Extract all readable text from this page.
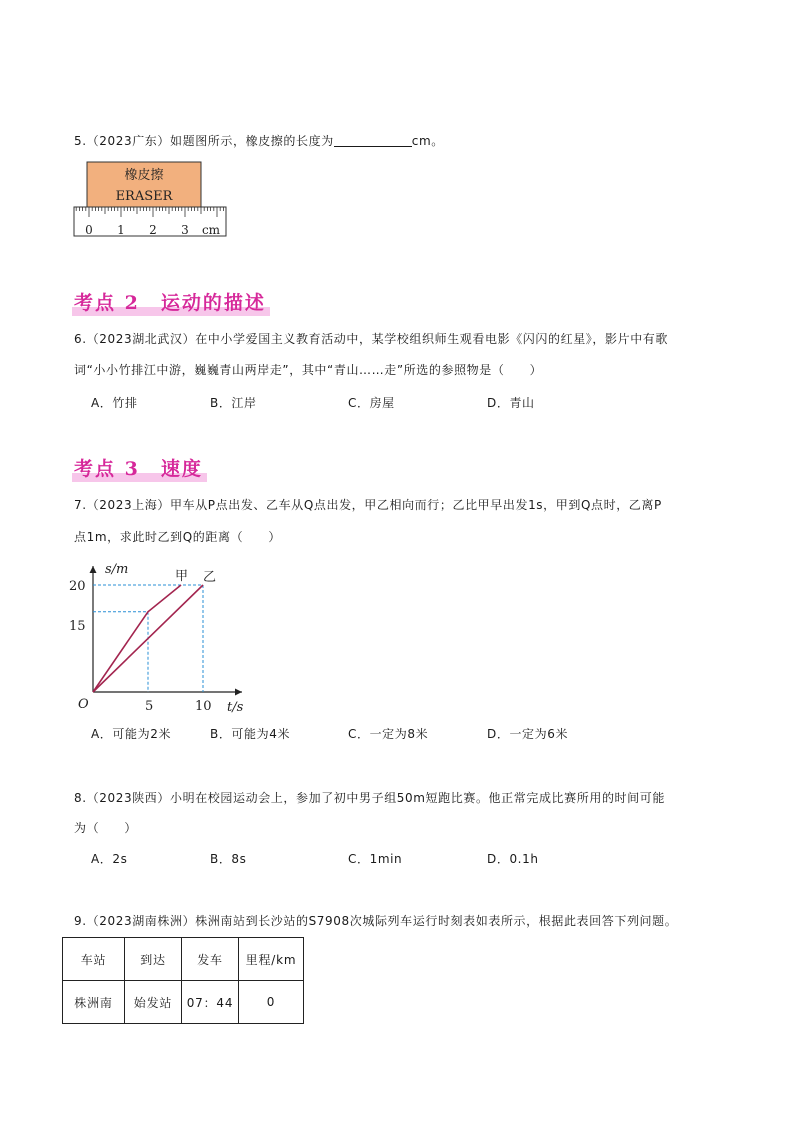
5.（2023广东）如题图所示，橡皮擦的长度为	cm。
橡皮擦
ERASER
0 1 2 3 cm
考点 2　运动的描述
6.（2023湖北武汉）在中小学爱国主义教育活动中，某学校组织师生观看电影《闪闪的红星》，影片中有歌
词“小小竹排江中游，巍巍青山两岸走”，其中“青山……走”所选的参照物是（　　）
A．竹排	B．江岸	C．房屋	D．青山
考点 3　速度
7.（2023上海）甲车从P点出发、乙车从Q点出发，甲乙相向而行；乙比甲早出发1s，甲到Q点时，乙离P
点1m，求此时乙到Q的距离（　　）
s/m
t/s
O
20
15
5	10
甲 乙
A．可能为2米	B．可能为4米	C．一定为8米	D．一定为6米
8.（2023陕西）小明在校园运动会上，参加了初中男子组50m短跑比赛。他正常完成比赛所用的时间可能
为（　　）
A．2s	B．8s	C．1min	D．0.1h
9.（2023湖南株洲）株洲南站到长沙站的S7908次城际列车运行时刻表如表所示，根据此表回答下列问题。
车站	到达	发车	里程/km
株洲南	始发站	07：44	0
